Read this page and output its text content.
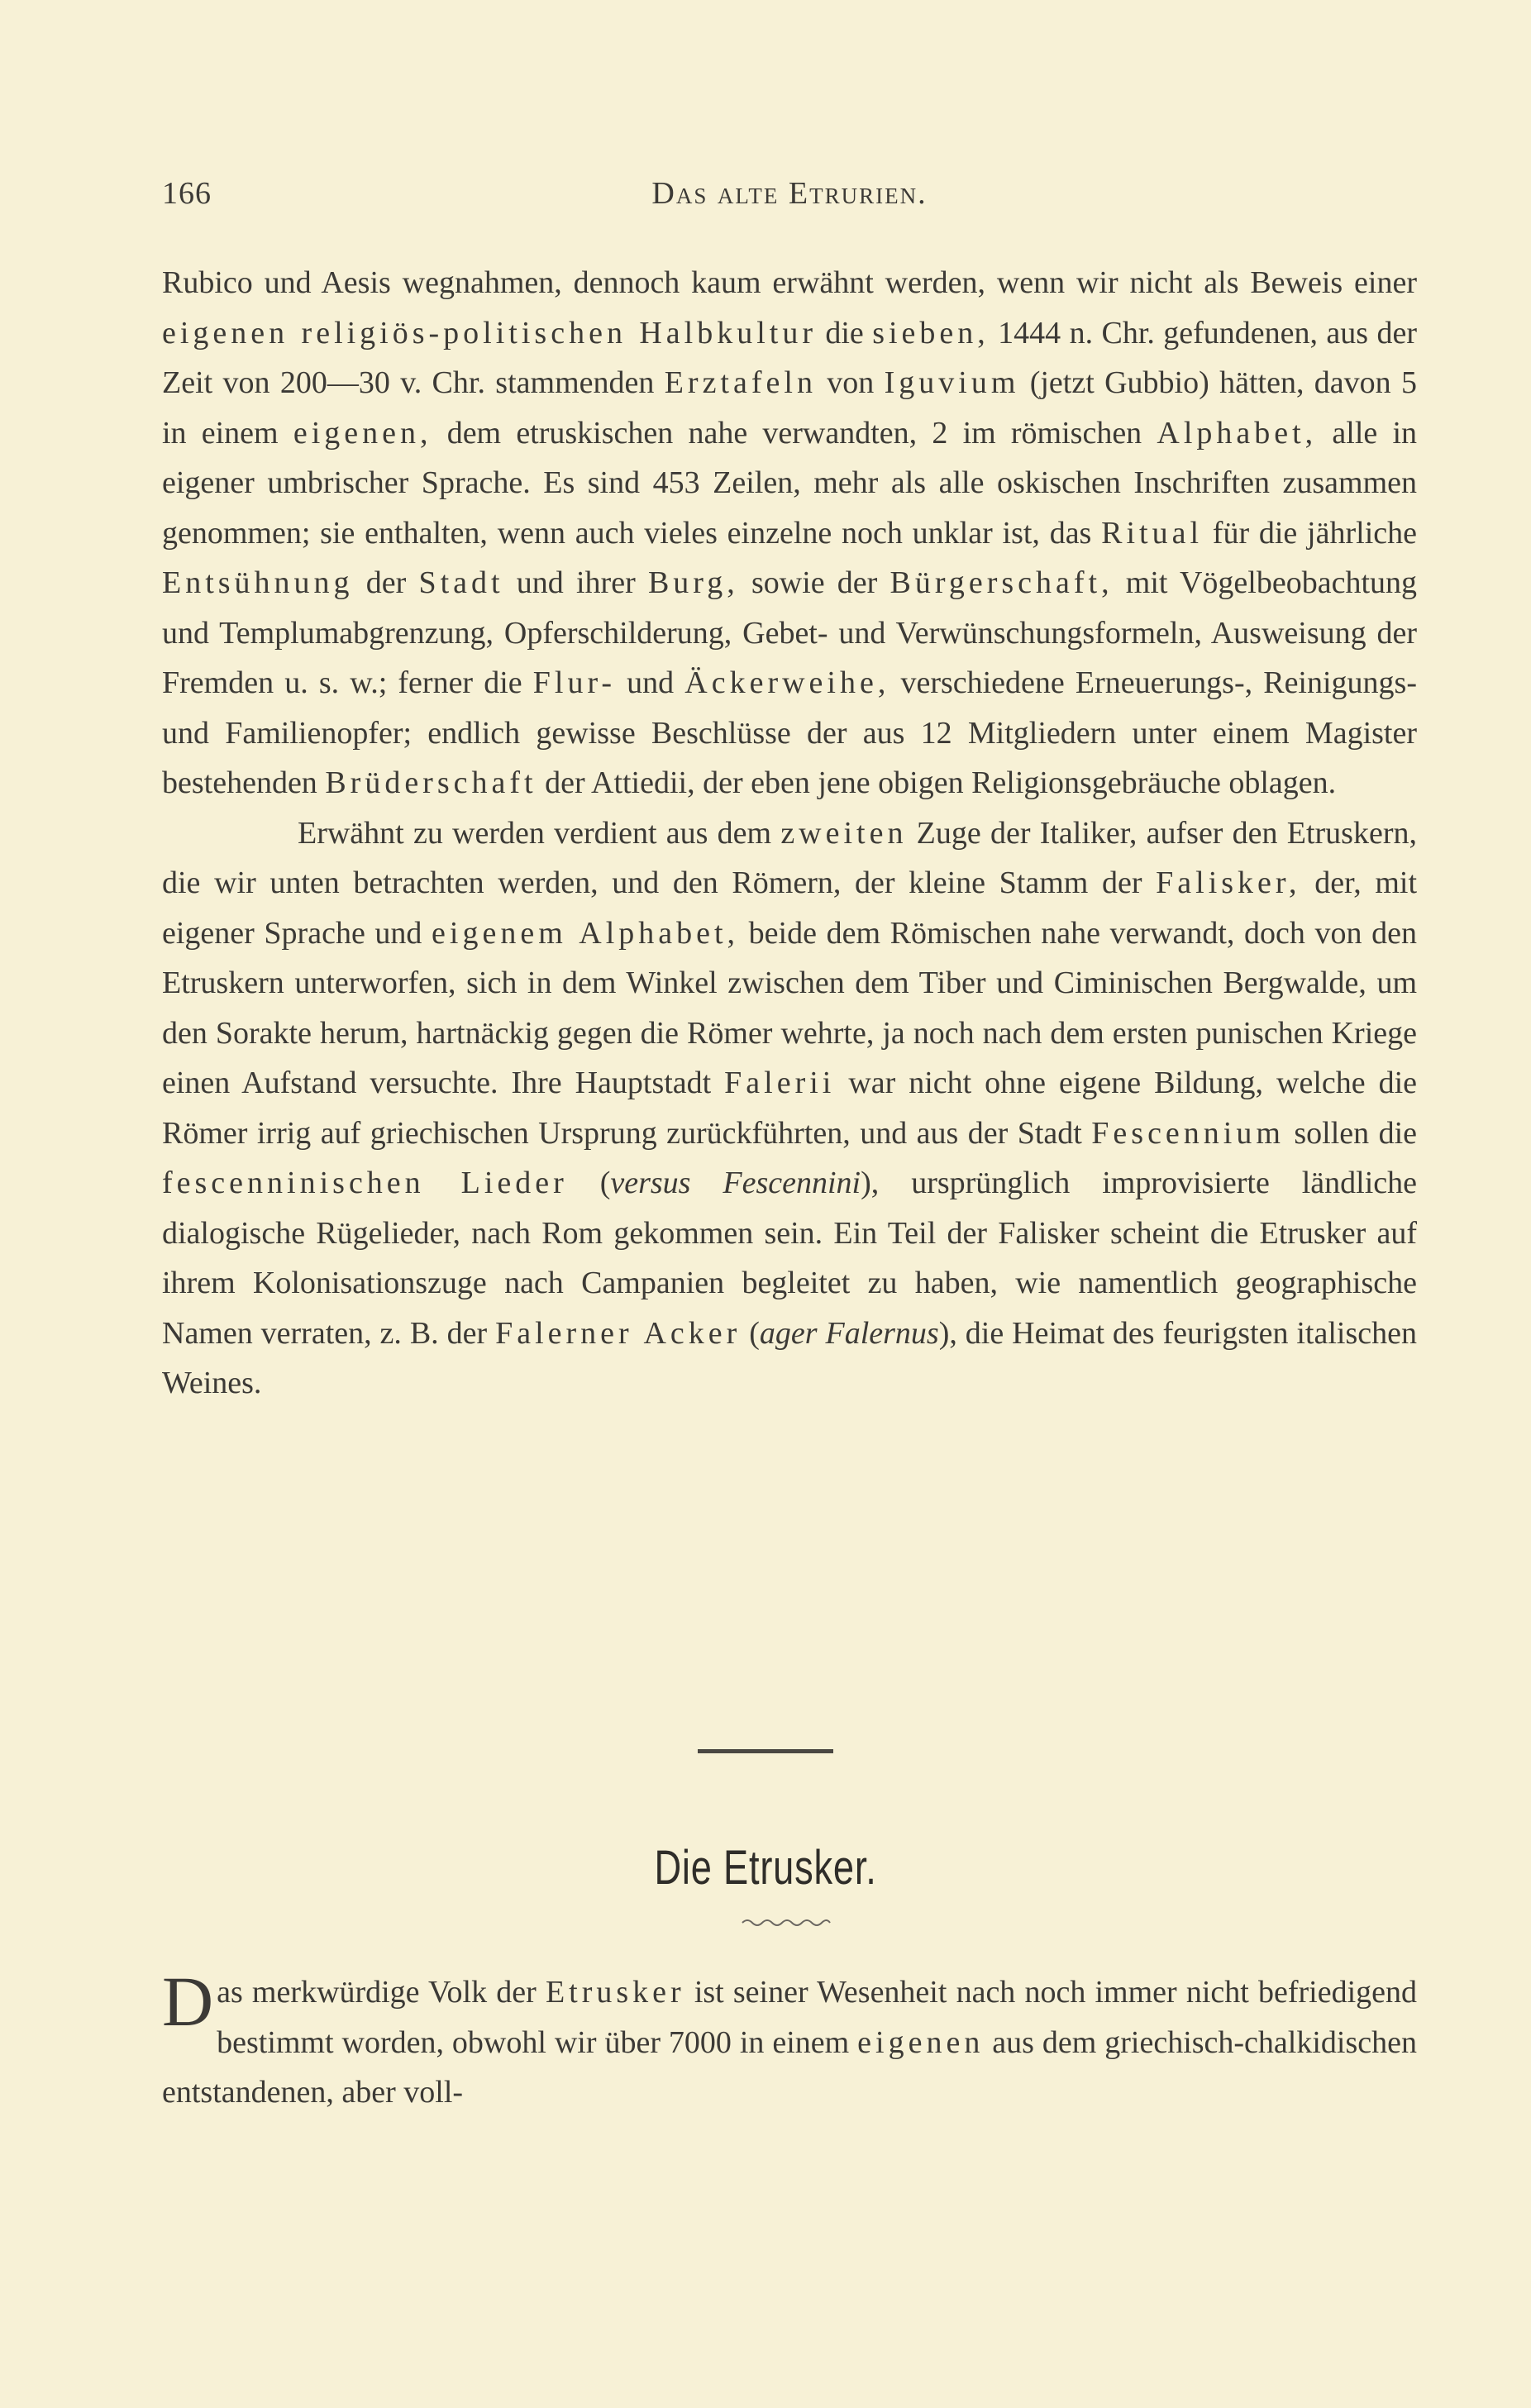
166	Das alte Etrurien.

Rubico und Aesis wegnahmen, dennoch kaum erwähnt werden, wenn wir nicht als Beweis einer eigenen religiös-politischen Halbkultur die sieben, 1444 n. Chr. gefundenen, aus der Zeit von 200—30 v. Chr. stammenden Erztafeln von Iguvium (jetzt Gubbio) hätten, davon 5 in einem eigenen, dem etruskischen nahe verwandten, 2 im römischen Alphabet, alle in eigener umbrischer Sprache. Es sind 453 Zeilen, mehr als alle oskischen Inschriften zusammen genommen; sie enthalten, wenn auch vieles einzelne noch unklar ist, das Ritual für die jährliche Entsühnung der Stadt und ihrer Burg, sowie der Bürgerschaft, mit Vögelbeobachtung und Templumabgrenzung, Opferschilderung, Gebet- und Verwünschungsformeln, Ausweisung der Fremden u. s. w.; ferner die Flur- und Äckerweihe, verschiedene Erneuerungs-, Reinigungs- und Familienopfer; endlich gewisse Beschlüsse der aus 12 Mitgliedern unter einem Magister bestehenden Brüderschaft der Attiedii, der eben jene obigen Religionsgebräuche oblagen.

Erwähnt zu werden verdient aus dem zweiten Zuge der Italiker, aufser den Etruskern, die wir unten betrachten werden, und den Römern, der kleine Stamm der Falisker, der, mit eigener Sprache und eigenem Alphabet, beide dem Römischen nahe verwandt, doch von den Etruskern unterworfen, sich in dem Winkel zwischen dem Tiber und Ciminischen Bergwalde, um den Sorakte herum, hartnäckig gegen die Römer wehrte, ja noch nach dem ersten punischen Kriege einen Aufstand versuchte. Ihre Hauptstadt Falerii war nicht ohne eigene Bildung, welche die Römer irrig auf griechischen Ursprung zurückführten, und aus der Stadt Fescennium sollen die fescenninischen Lieder (versus Fescennini), ursprünglich improvisierte ländliche dialogische Rügelieder, nach Rom gekommen sein. Ein Teil der Falisker scheint die Etrusker auf ihrem Kolonisationszuge nach Campanien begleitet zu haben, wie namentlich geographische Namen verraten, z. B. der Falerner Acker (ager Falernus), die Heimat des feurigsten italischen Weines.

Die Etrusker.

Das merkwürdige Volk der Etrusker ist seiner Wesenheit nach noch immer nicht befriedigend bestimmt worden, obwohl wir über 7000 in einem eigenen aus dem griechisch-chalkidischen entstandenen, aber voll-
